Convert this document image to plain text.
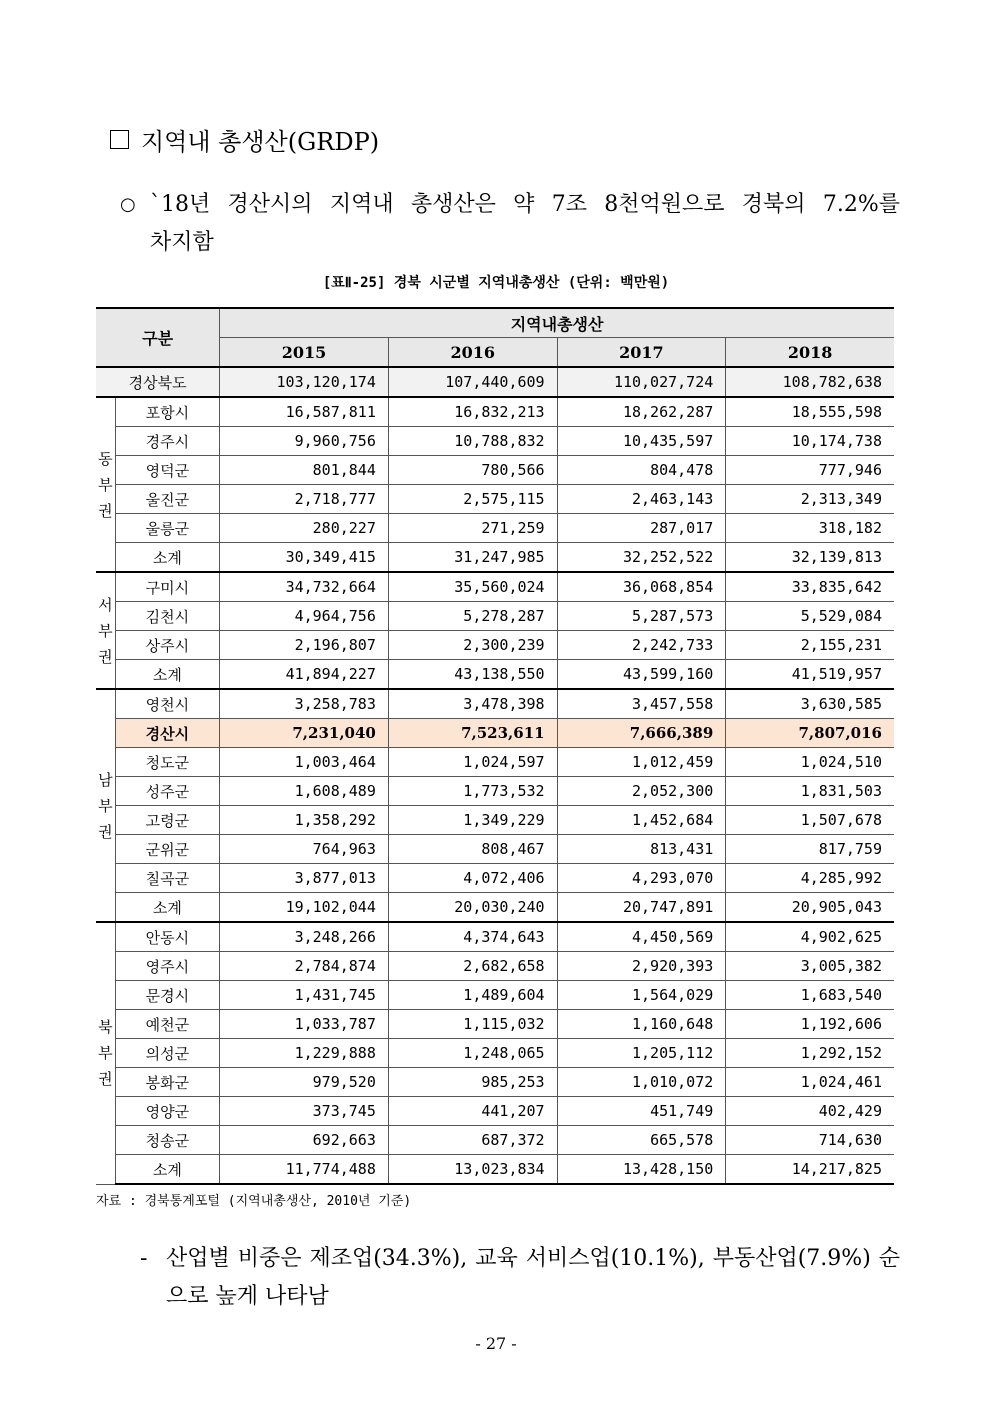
지역내 총생산(GRDP)
○ `18년 경산시의 지역내 총생산은 약 7조 8천억원으로 경북의 7.2%를
차지함
[표Ⅱ-25] 경북 시군별 지역내총생산 (단위: 백만원)
구분		지역내총생산			
		2015	2016	2017	2018
경상북도		103,120,174	107,440,609	110,027,724	108,782,638
동
부
권	포항시	16,587,811	16,832,213	18,262,287	18,555,598
	경주시	9,960,756	10,788,832	10,435,597	10,174,738
	영덕군	801,844	780,566	804,478	777,946
	울진군	2,718,777	2,575,115	2,463,143	2,313,349
	울릉군	280,227	271,259	287,017	318,182
	소계	30,349,415	31,247,985	32,252,522	32,139,813
서
부
권	구미시	34,732,664	35,560,024	36,068,854	33,835,642
	김천시	4,964,756	5,278,287	5,287,573	5,529,084
	상주시	2,196,807	2,300,239	2,242,733	2,155,231
	소계	41,894,227	43,138,550	43,599,160	41,519,957
남
부
권	영천시	3,258,783	3,478,398	3,457,558	3,630,585
	경산시	7,231,040	7,523,611	7,666,389	7,807,016
	청도군	1,003,464	1,024,597	1,012,459	1,024,510
	성주군	1,608,489	1,773,532	2,052,300	1,831,503
	고령군	1,358,292	1,349,229	1,452,684	1,507,678
	군위군	764,963	808,467	813,431	817,759
	칠곡군	3,877,013	4,072,406	4,293,070	4,285,992
	소계	19,102,044	20,030,240	20,747,891	20,905,043
북
부
권	안동시	3,248,266	4,374,643	4,450,569	4,902,625
	영주시	2,784,874	2,682,658	2,920,393	3,005,382
	문경시	1,431,745	1,489,604	1,564,029	1,683,540
	예천군	1,033,787	1,115,032	1,160,648	1,192,606
	의성군	1,229,888	1,248,065	1,205,112	1,292,152
	봉화군	979,520	985,253	1,010,072	1,024,461
	영양군	373,745	441,207	451,749	402,429
	청송군	692,663	687,372	665,578	714,630
	소계	11,774,488	13,023,834	13,428,150	14,217,825
자료 : 경북통계포털 (지역내총생산, 2010년 기준)
- 산업별 비중은 제조업(34.3%), 교육 서비스업(10.1%), 부동산업(7.9%) 순
으로 높게 나타남
- 27 -
